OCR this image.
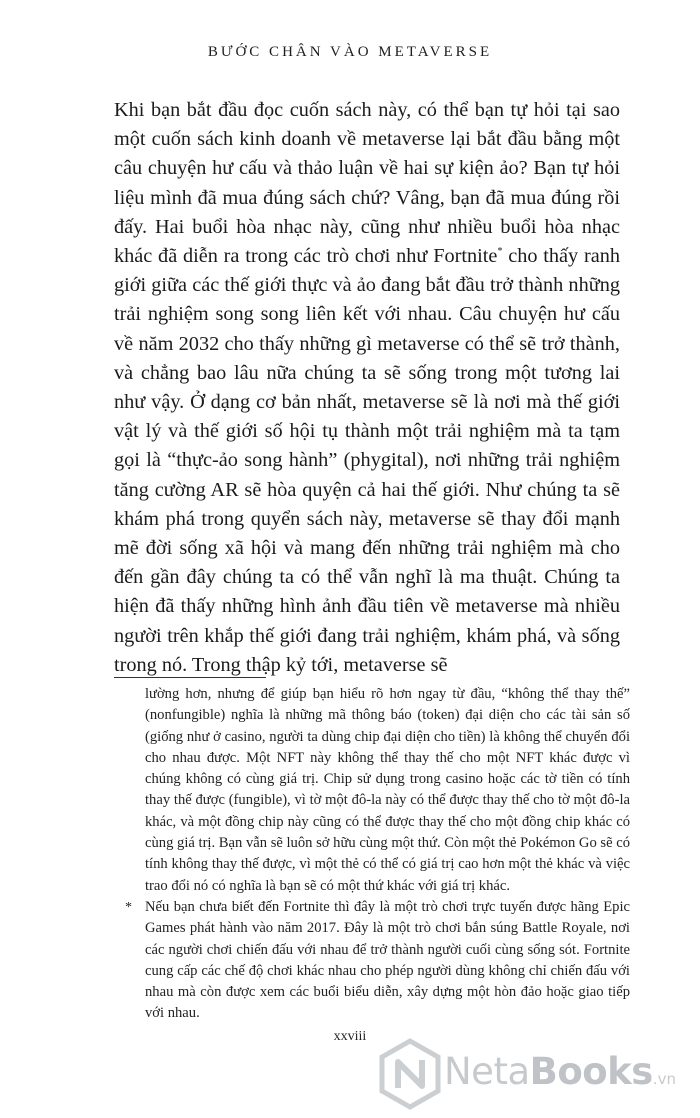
BƯỚC CHÂN VÀO METAVERSE

Khi bạn bắt đầu đọc cuốn sách này, có thể bạn tự hỏi tại sao một cuốn sách kinh doanh về metaverse lại bắt đầu bằng một câu chuyện hư cấu và thảo luận về hai sự kiện ảo? Bạn tự hỏi liệu mình đã mua đúng sách chứ? Vâng, bạn đã mua đúng rồi đấy. Hai buổi hòa nhạc này, cũng như nhiều buổi hòa nhạc khác đã diễn ra trong các trò chơi như Fortnite* cho thấy ranh giới giữa các thế giới thực và ảo đang bắt đầu trở thành những trải nghiệm song song liên kết với nhau. Câu chuyện hư cấu về năm 2032 cho thấy những gì metaverse có thể sẽ trở thành, và chẳng bao lâu nữa chúng ta sẽ sống trong một tương lai như vậy. Ở dạng cơ bản nhất, metaverse sẽ là nơi mà thế giới vật lý và thế giới số hội tụ thành một trải nghiệm mà ta tạm gọi là “thực-ảo song hành” (phygital), nơi những trải nghiệm tăng cường AR sẽ hòa quyện cả hai thế giới. Như chúng ta sẽ khám phá trong quyển sách này, metaverse sẽ thay đổi mạnh mẽ đời sống xã hội và mang đến những trải nghiệm mà cho đến gần đây chúng ta có thể vẫn nghĩ là ma thuật. Chúng ta hiện đã thấy những hình ảnh đầu tiên về metaverse mà nhiều người trên khắp thế giới đang trải nghiệm, khám phá, và sống trong nó. Trong thập kỷ tới, metaverse sẽ

lường hơn, nhưng để giúp bạn hiểu rõ hơn ngay từ đầu, “không thể thay thế” (nonfungible) nghĩa là những mã thông báo (token) đại diện cho các tài sản số (giống như ở casino, người ta dùng chip đại diện cho tiền) là không thể chuyển đổi cho nhau được. Một NFT này không thể thay thế cho một NFT khác được vì chúng không có cùng giá trị. Chip sử dụng trong casino hoặc các tờ tiền có tính thay thế được (fungible), vì tờ một đô-la này có thể được thay thế cho tờ một đô-la khác, và một đồng chip này cũng có thể được thay thế cho một đồng chip khác có cùng giá trị. Bạn vẫn sẽ luôn sở hữu cùng một thứ. Còn một thẻ Pokémon Go sẽ có tính không thay thế được, vì một thẻ có thể có giá trị cao hơn một thẻ khác và việc trao đổi nó có nghĩa là bạn sẽ có một thứ khác với giá trị khác.

* Nếu bạn chưa biết đến Fortnite thì đây là một trò chơi trực tuyến được hãng Epic Games phát hành vào năm 2017. Đây là một trò chơi bắn súng Battle Royale, nơi các người chơi chiến đấu với nhau để trở thành người cuối cùng sống sót. Fortnite cung cấp các chế độ chơi khác nhau cho phép người dùng không chỉ chiến đấu với nhau mà còn được xem các buổi biểu diễn, xây dựng một hòn đảo hoặc giao tiếp với nhau.

xxviii
NetaBooks.vn
